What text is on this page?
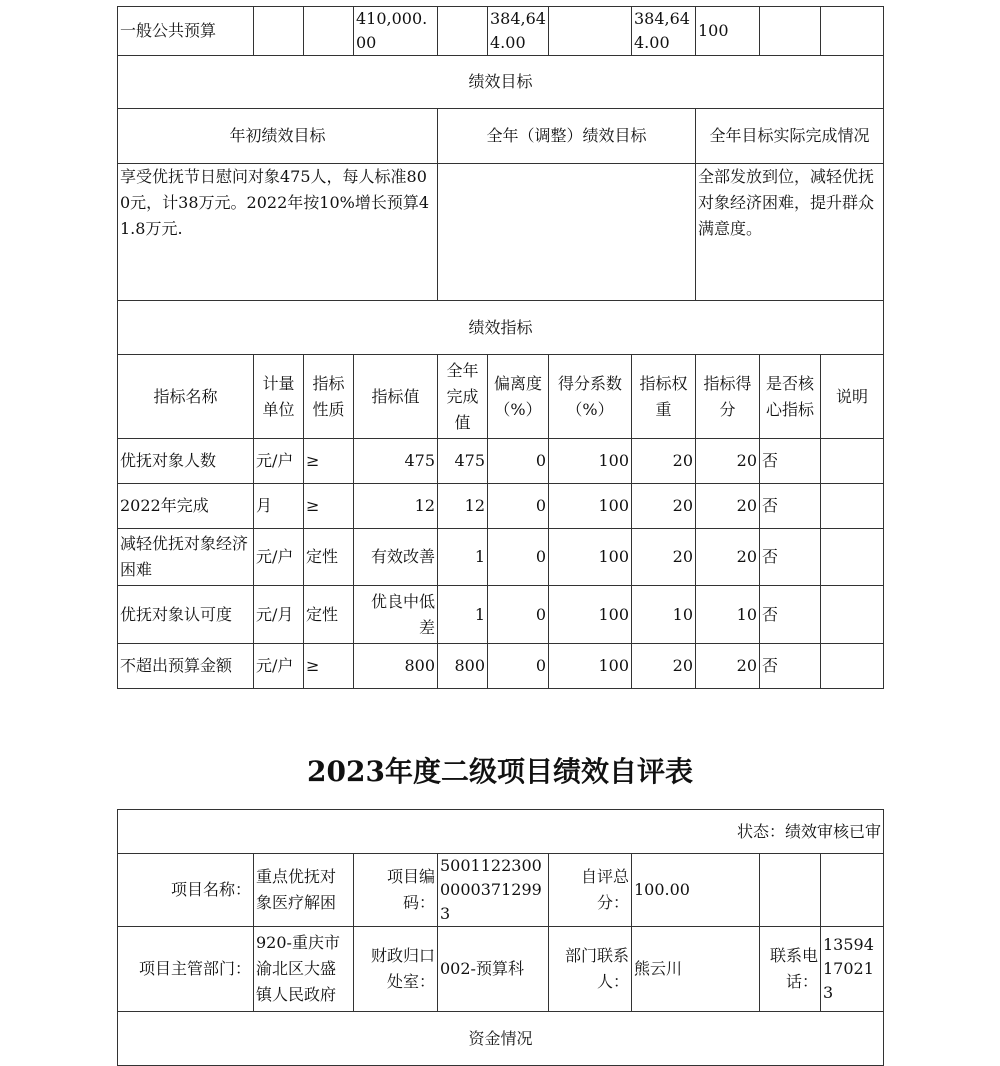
一般公共预算			410,000.00		384,644.00		384,644.00	100		
绩效目标										
年初绩效目标				全年（调整）绩效目标				全年目标实际完成情况		
享受优抚节日慰问对象475人，每人标准800元，计38万元。2022年按10%增长预算41.8万元.								全部发放到位，减轻优抚对象经济困难，提升群众满意度。		
绩效指标										
指标名称	计量单位	指标性质	指标值	全年完成值	偏离度（%）	得分系数（%）	指标权重	指标得分	是否核心指标	说明
优抚对象人数	元/户	≥	475	475	0	100	20	20	否	
2022年完成	月	≥	12	12	0	100	20	20	否	
减轻优抚对象经济困难	元/户	定性	有效改善	1	0	100	20	20	否	
优抚对象认可度	元/月	定性	优良中低差	1	0	100	10	10	否	
不超出预算金额	元/户	≥	800	800	0	100	20	20	否	
2023年度二级项目绩效自评表
状态：绩效审核已审							
项目名称：	重点优抚对象医疗解困	项目编码：	500112230000003712993	自评总分：	100.00		
项目主管部门：	920-重庆市渝北区大盛镇人民政府	财政归口处室：	002-预算科	部门联系人：	熊云川	联系电话：	13594170213
资金情况							
